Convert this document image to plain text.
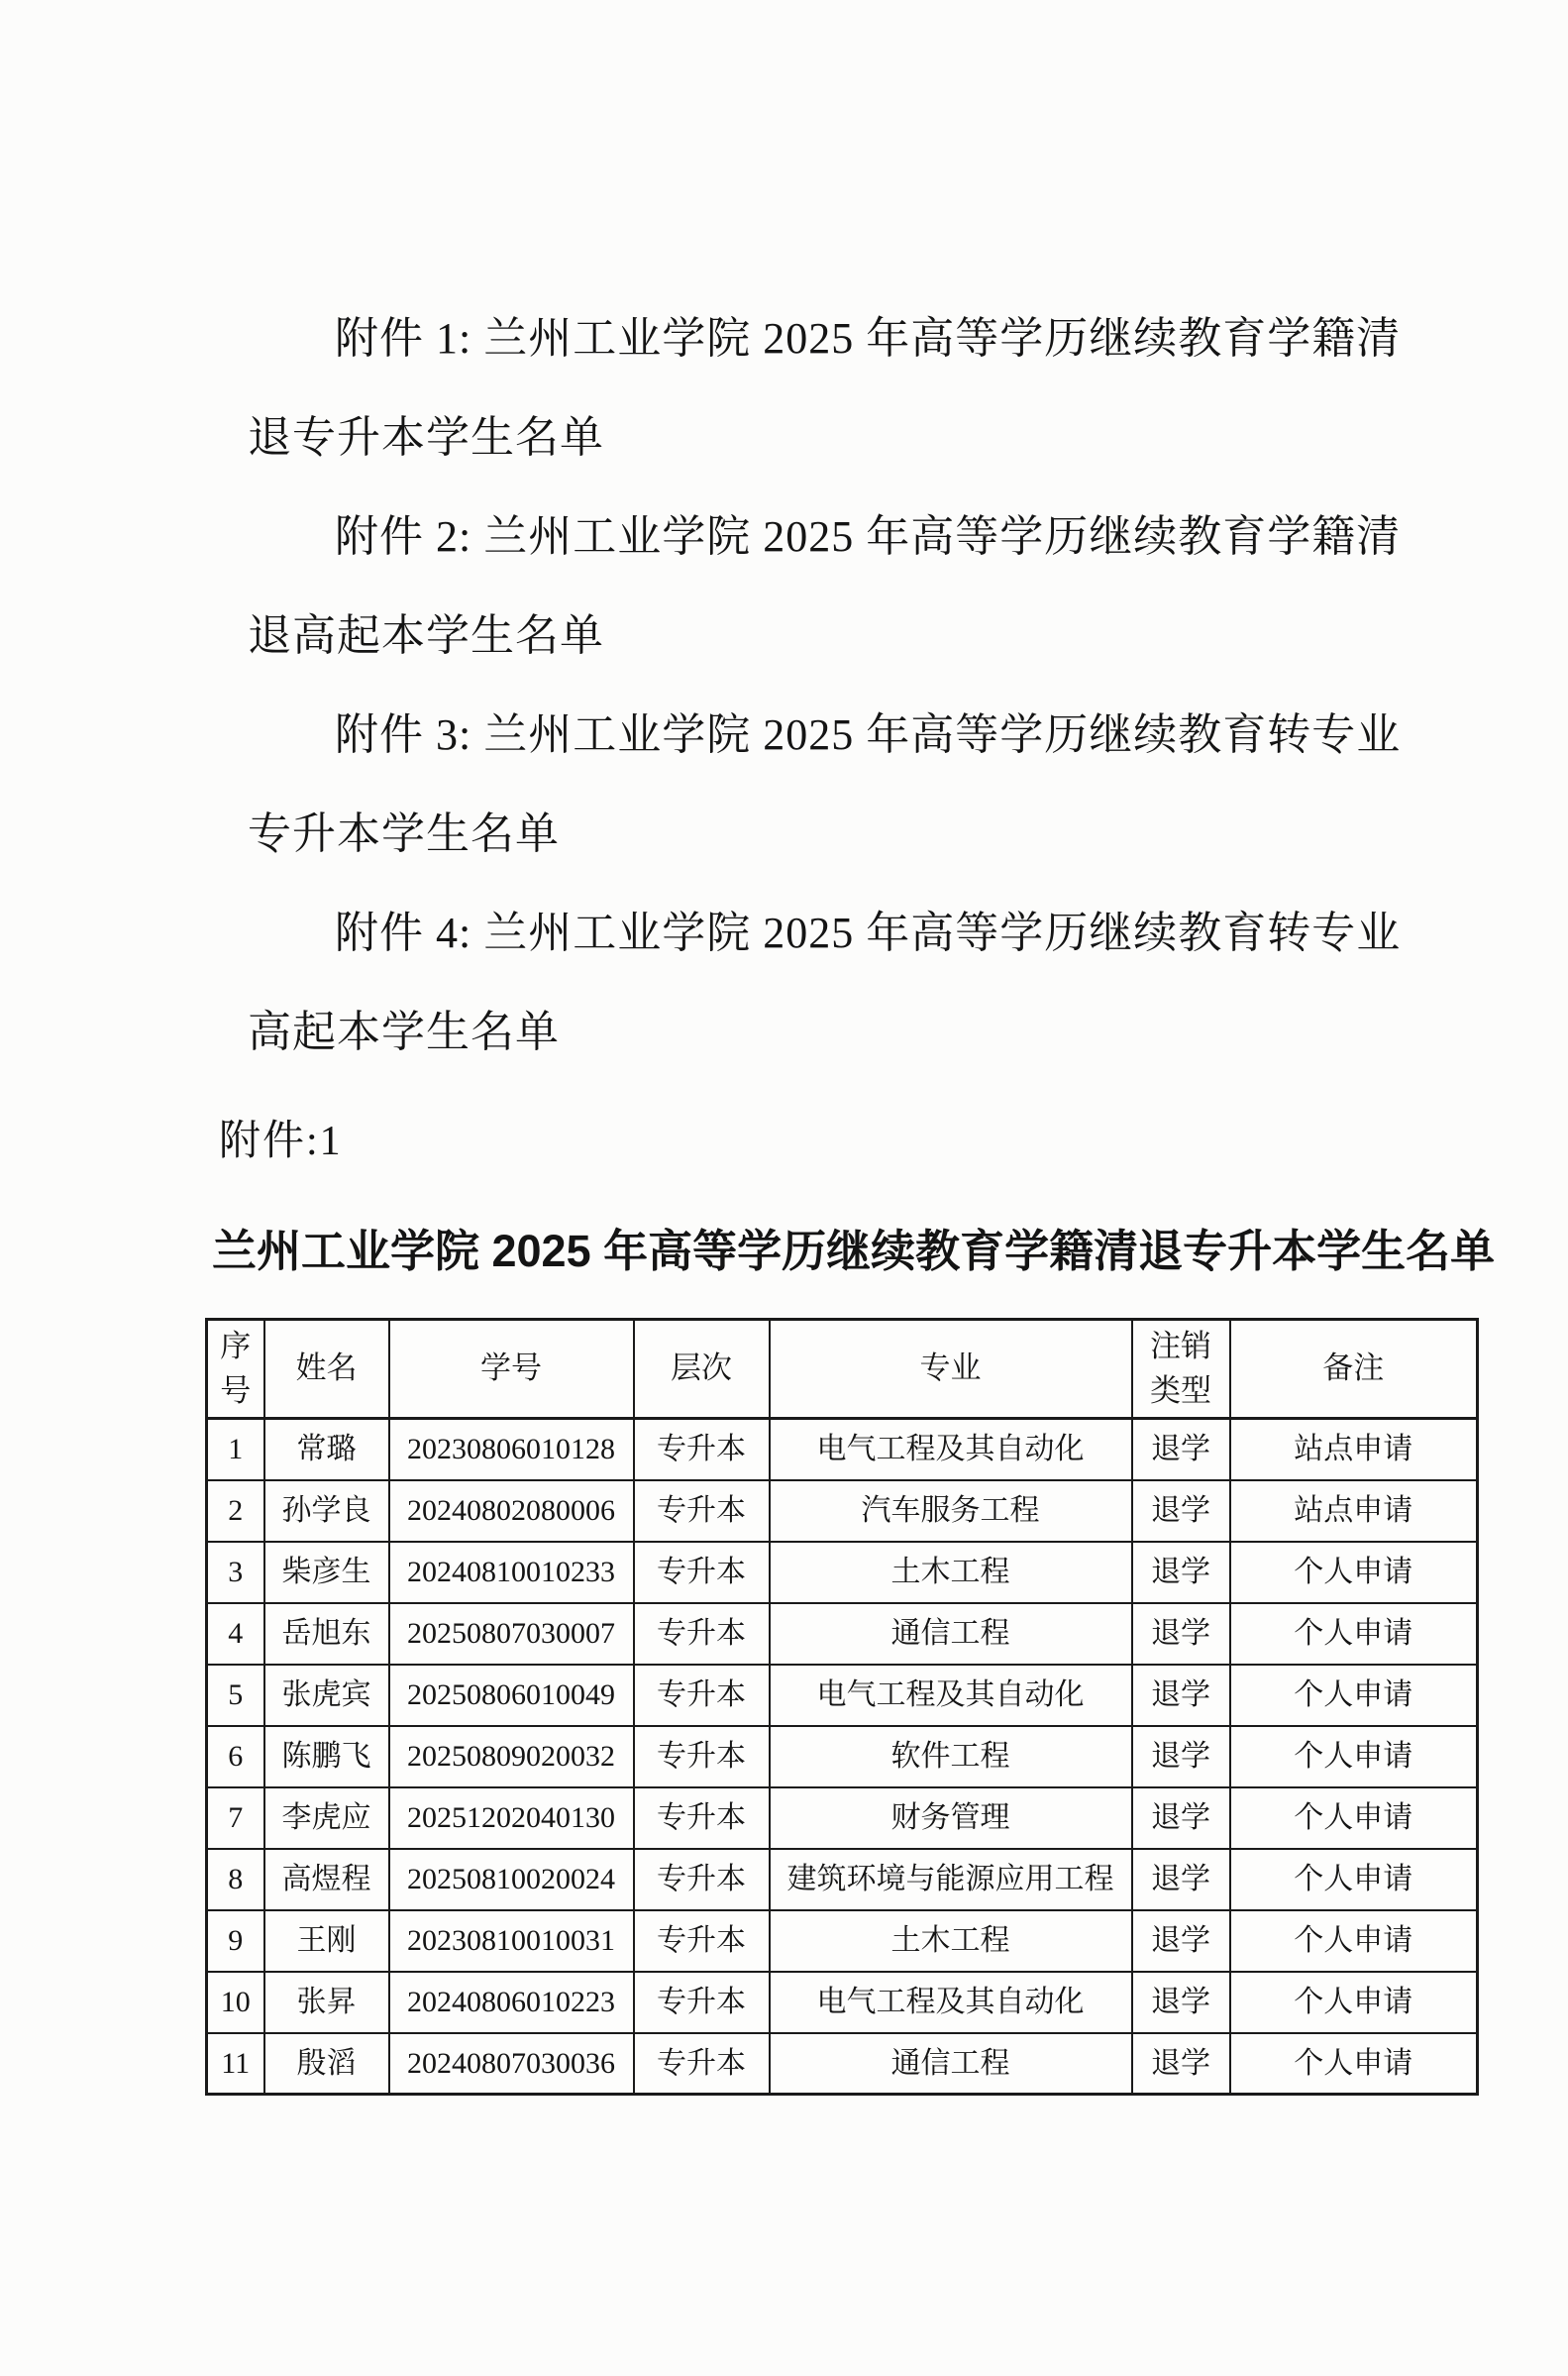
附件 1: 兰州工业学院 2025 年高等学历继续教育学籍清

退专升本学生名单

附件 2: 兰州工业学院 2025 年高等学历继续教育学籍清

退高起本学生名单

附件 3: 兰州工业学院 2025 年高等学历继续教育转专业

专升本学生名单

附件 4: 兰州工业学院 2025 年高等学历继续教育转专业

高起本学生名单

附件:1
兰州工业学院 2025 年高等学历继续教育学籍清退专升本学生名单
序号	姓名	学号	层次	专业	注销类型	备注
1	常璐	20230806010128	专升本	电气工程及其自动化	退学	站点申请
2	孙学良	20240802080006	专升本	汽车服务工程	退学	站点申请
3	柴彦生	20240810010233	专升本	土木工程	退学	个人申请
4	岳旭东	20250807030007	专升本	通信工程	退学	个人申请
5	张虎宾	20250806010049	专升本	电气工程及其自动化	退学	个人申请
6	陈鹏飞	20250809020032	专升本	软件工程	退学	个人申请
7	李虎应	20251202040130	专升本	财务管理	退学	个人申请
8	高煜程	20250810020024	专升本	建筑环境与能源应用工程	退学	个人申请
9	王刚	20230810010031	专升本	土木工程	退学	个人申请
10	张昇	20240806010223	专升本	电气工程及其自动化	退学	个人申请
11	殷滔	20240807030036	专升本	通信工程	退学	个人申请
